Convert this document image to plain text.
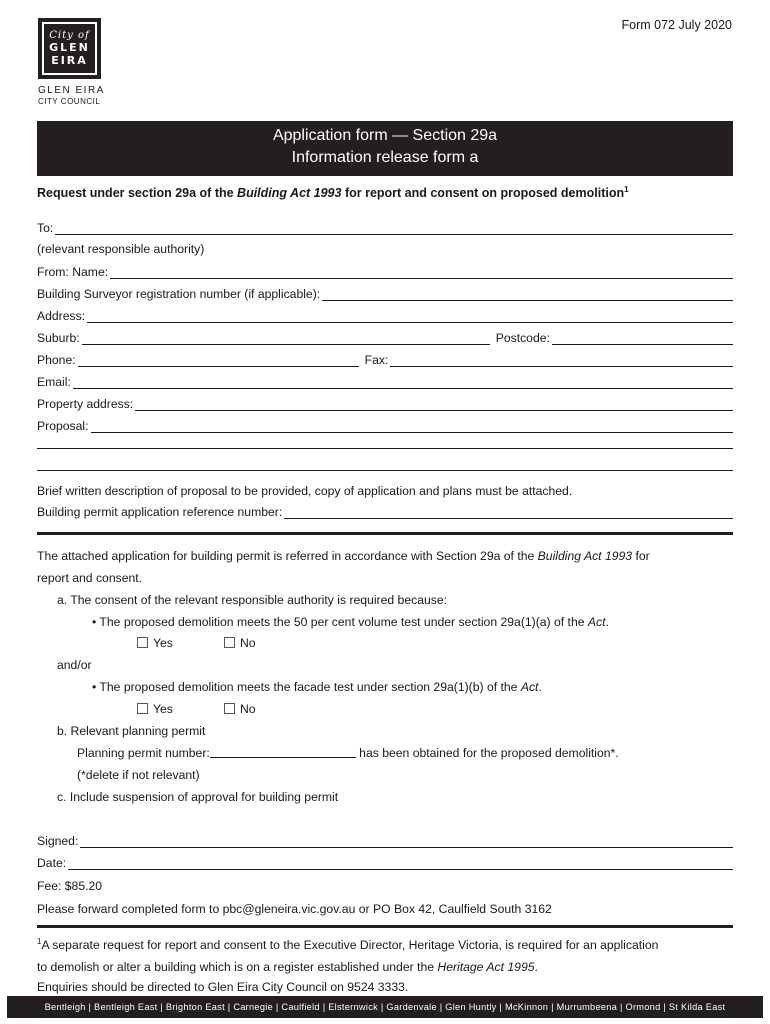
City of
GLEN
EIRA
GLEN EIRA
CITY COUNCIL
Form 072 July 2020
Application form — Section 29a
Information release form a
Request under section 29a of the Building Act 1993 for report and consent on proposed demolition$^1$
To:
(relevant responsible authority)
From: Name:
Building Surveyor registration number (if applicable):
Address:
Suburb:	Postcode:
Phone:	Fax:
Email:
Property address:
Proposal:
Brief written description of proposal to be provided, copy of application and plans must be attached.
Building permit application reference number:
The attached application for building permit is referred in accordance with Section 29a of the Building Act 1993 for
report and consent.
a. The consent of the relevant responsible authority is required because:
• The proposed demolition meets the 50 per cent volume test under section 29a(1)(a) of the Act.
Yes	No
and/or
• The proposed demolition meets the facade test under section 29a(1)(b) of the Act.
Yes	No
b. Relevant planning permit
Planning permit number:	has been obtained for the proposed demolition*.
(*delete if not relevant)
c. Include suspension of approval for building permit
Signed:
Date:
Fee: $85.20
Please forward completed form to pbc@gleneira.vic.gov.au or PO Box 42, Caulfield South 3162
$^1$A separate request for report and consent to the Executive Director, Heritage Victoria, is required for an application
to demolish or alter a building which is on a register established under the Heritage Act 1995.
Enquiries should be directed to Glen Eira City Council on 9524 3333.
Bentleigh | Bentleigh East | Brighton East | Carnegie | Caulfield | Elsternwick | Gardenvale | Glen Huntly | McKinnon | Murrumbeena | Ormond | St Kilda East
